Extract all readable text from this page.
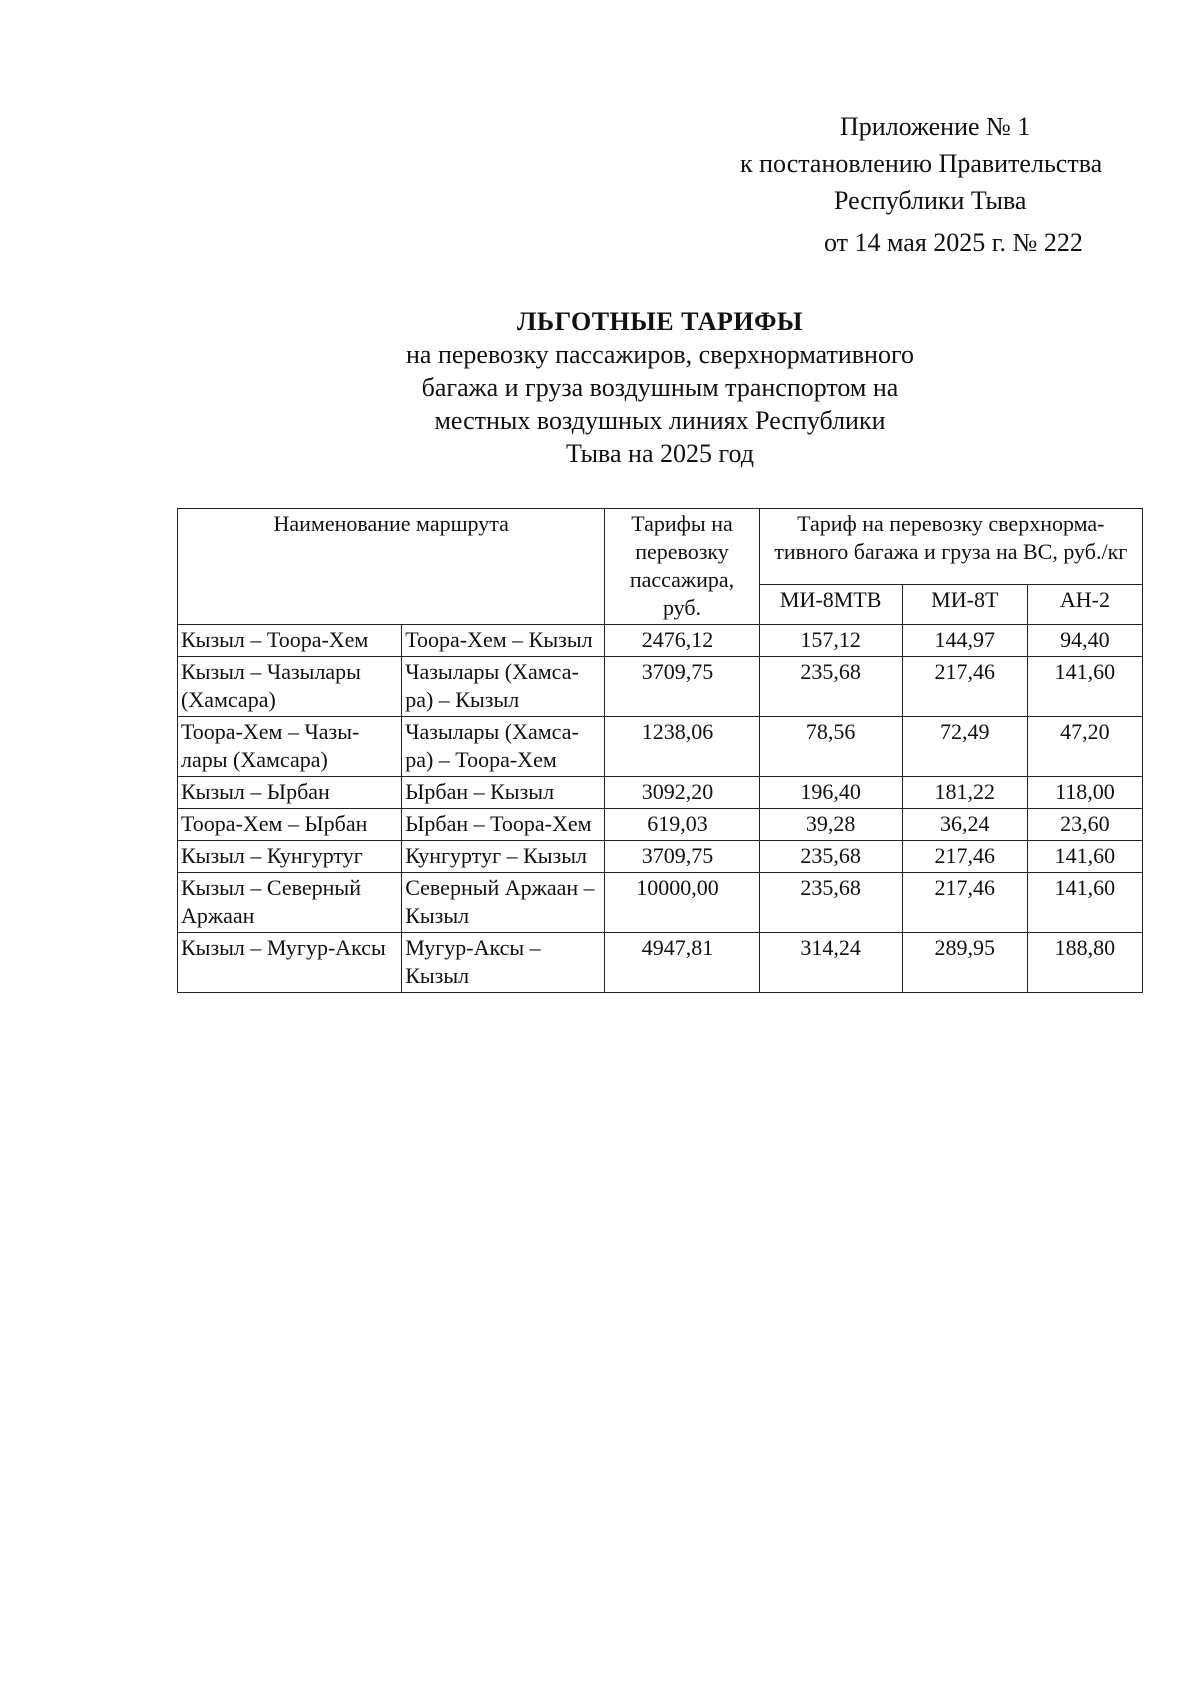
Приложение № 1
к постановлению Правительства
Республики Тыва
от 14 мая 2025 г. № 222
ЛЬГОТНЫЕ ТАРИФЫ
на перевозку пассажиров, сверхнормативного
багажа и груза воздушным транспортом на
местных воздушных линиях Республики
Тыва на 2025 год
Наименование маршрута		Тарифы на перевозку пассажира, руб.	Тариф на перевозку сверхнорма-тивного багажа и груза на ВС, руб./кг		
			МИ-8МТВ	МИ-8Т	АН-2
Кызыл – Тоора-Хем	Тоора-Хем – Кызыл	2476,12	157,12	144,97	94,40
Кызыл – Чазылары (Хамсара)	Чазылары (Хамса-ра) – Кызыл	3709,75	235,68	217,46	141,60
Тоора-Хем – Чазы-лары (Хамсара)	Чазылары (Хамса-ра) – Тоора-Хем	1238,06	78,56	72,49	47,20
Кызыл – Ырбан	Ырбан – Кызыл	3092,20	196,40	181,22	118,00
Тоора-Хем – Ырбан	Ырбан – Тоора-Хем	619,03	39,28	36,24	23,60
Кызыл – Кунгуртуг	Кунгуртуг – Кызыл	3709,75	235,68	217,46	141,60
Кызыл – Северный Аржаан	Северный Аржаан – Кызыл	10000,00	235,68	217,46	141,60
Кызыл – Мугур-Аксы	Мугур-Аксы – Кызыл	4947,81	314,24	289,95	188,80
